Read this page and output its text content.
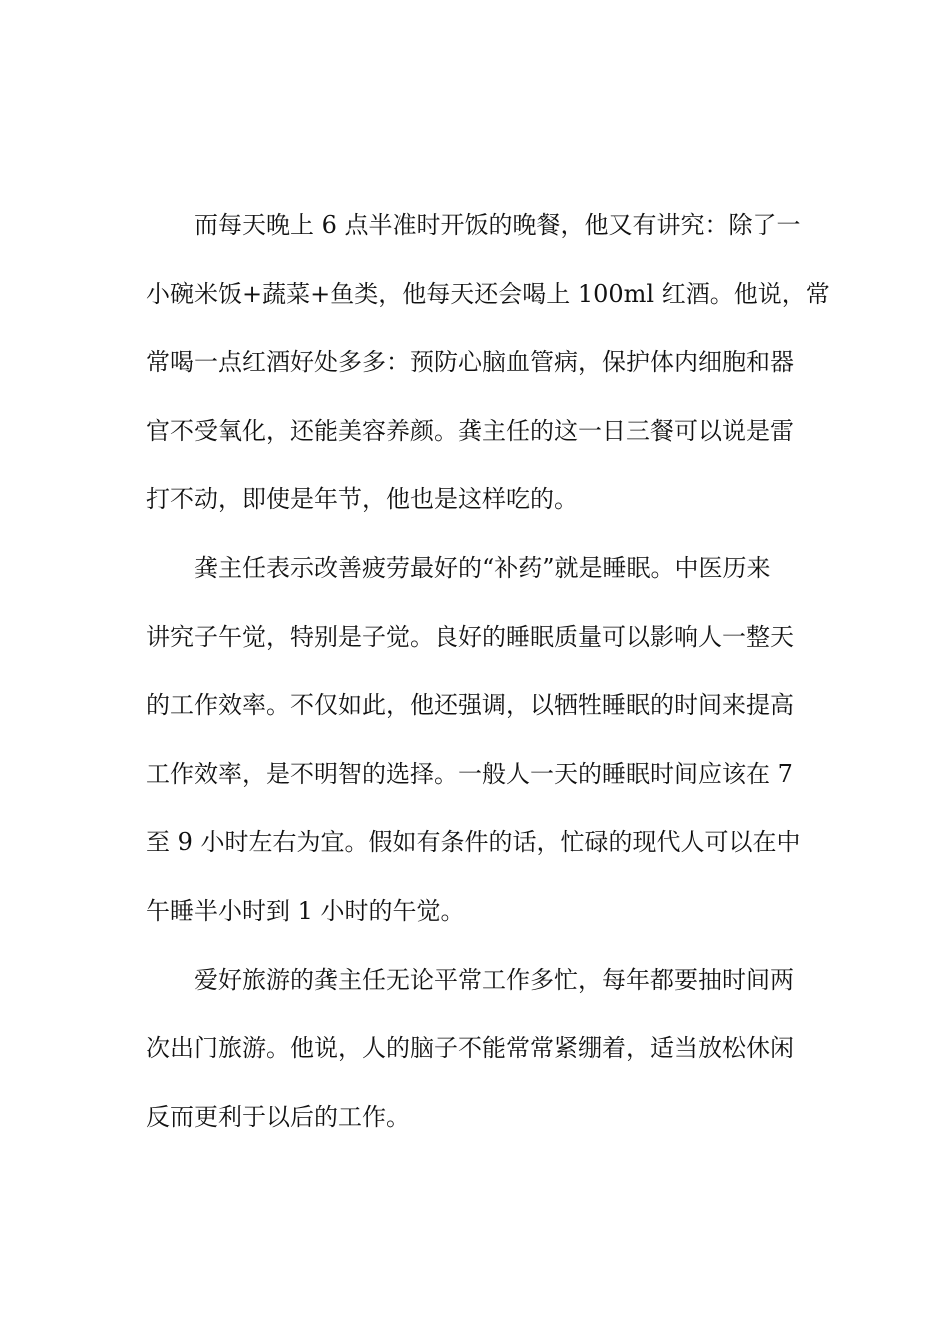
而每天晚上 6 点半准时开饭的晚餐，他又有讲究：除了一
小碗米饭+蔬菜+鱼类，他每天还会喝上 100ml 红酒。他说，常
常喝一点红酒好处多多：预防心脑血管病，保护体内细胞和器
官不受氧化，还能美容养颜。龚主任的这一日三餐可以说是雷
打不动，即使是年节，他也是这样吃的。
龚主任表示改善疲劳最好的“补药”就是睡眠。中医历来
讲究子午觉，特别是子觉。良好的睡眠质量可以影响人一整天
的工作效率。不仅如此，他还强调，以牺牲睡眠的时间来提高
工作效率，是不明智的选择。一般人一天的睡眠时间应该在 7
至 9 小时左右为宜。假如有条件的话，忙碌的现代人可以在中
午睡半小时到 1 小时的午觉。
爱好旅游的龚主任无论平常工作多忙，每年都要抽时间两
次出门旅游。他说，人的脑子不能常常紧绷着，适当放松休闲
反而更利于以后的工作。
